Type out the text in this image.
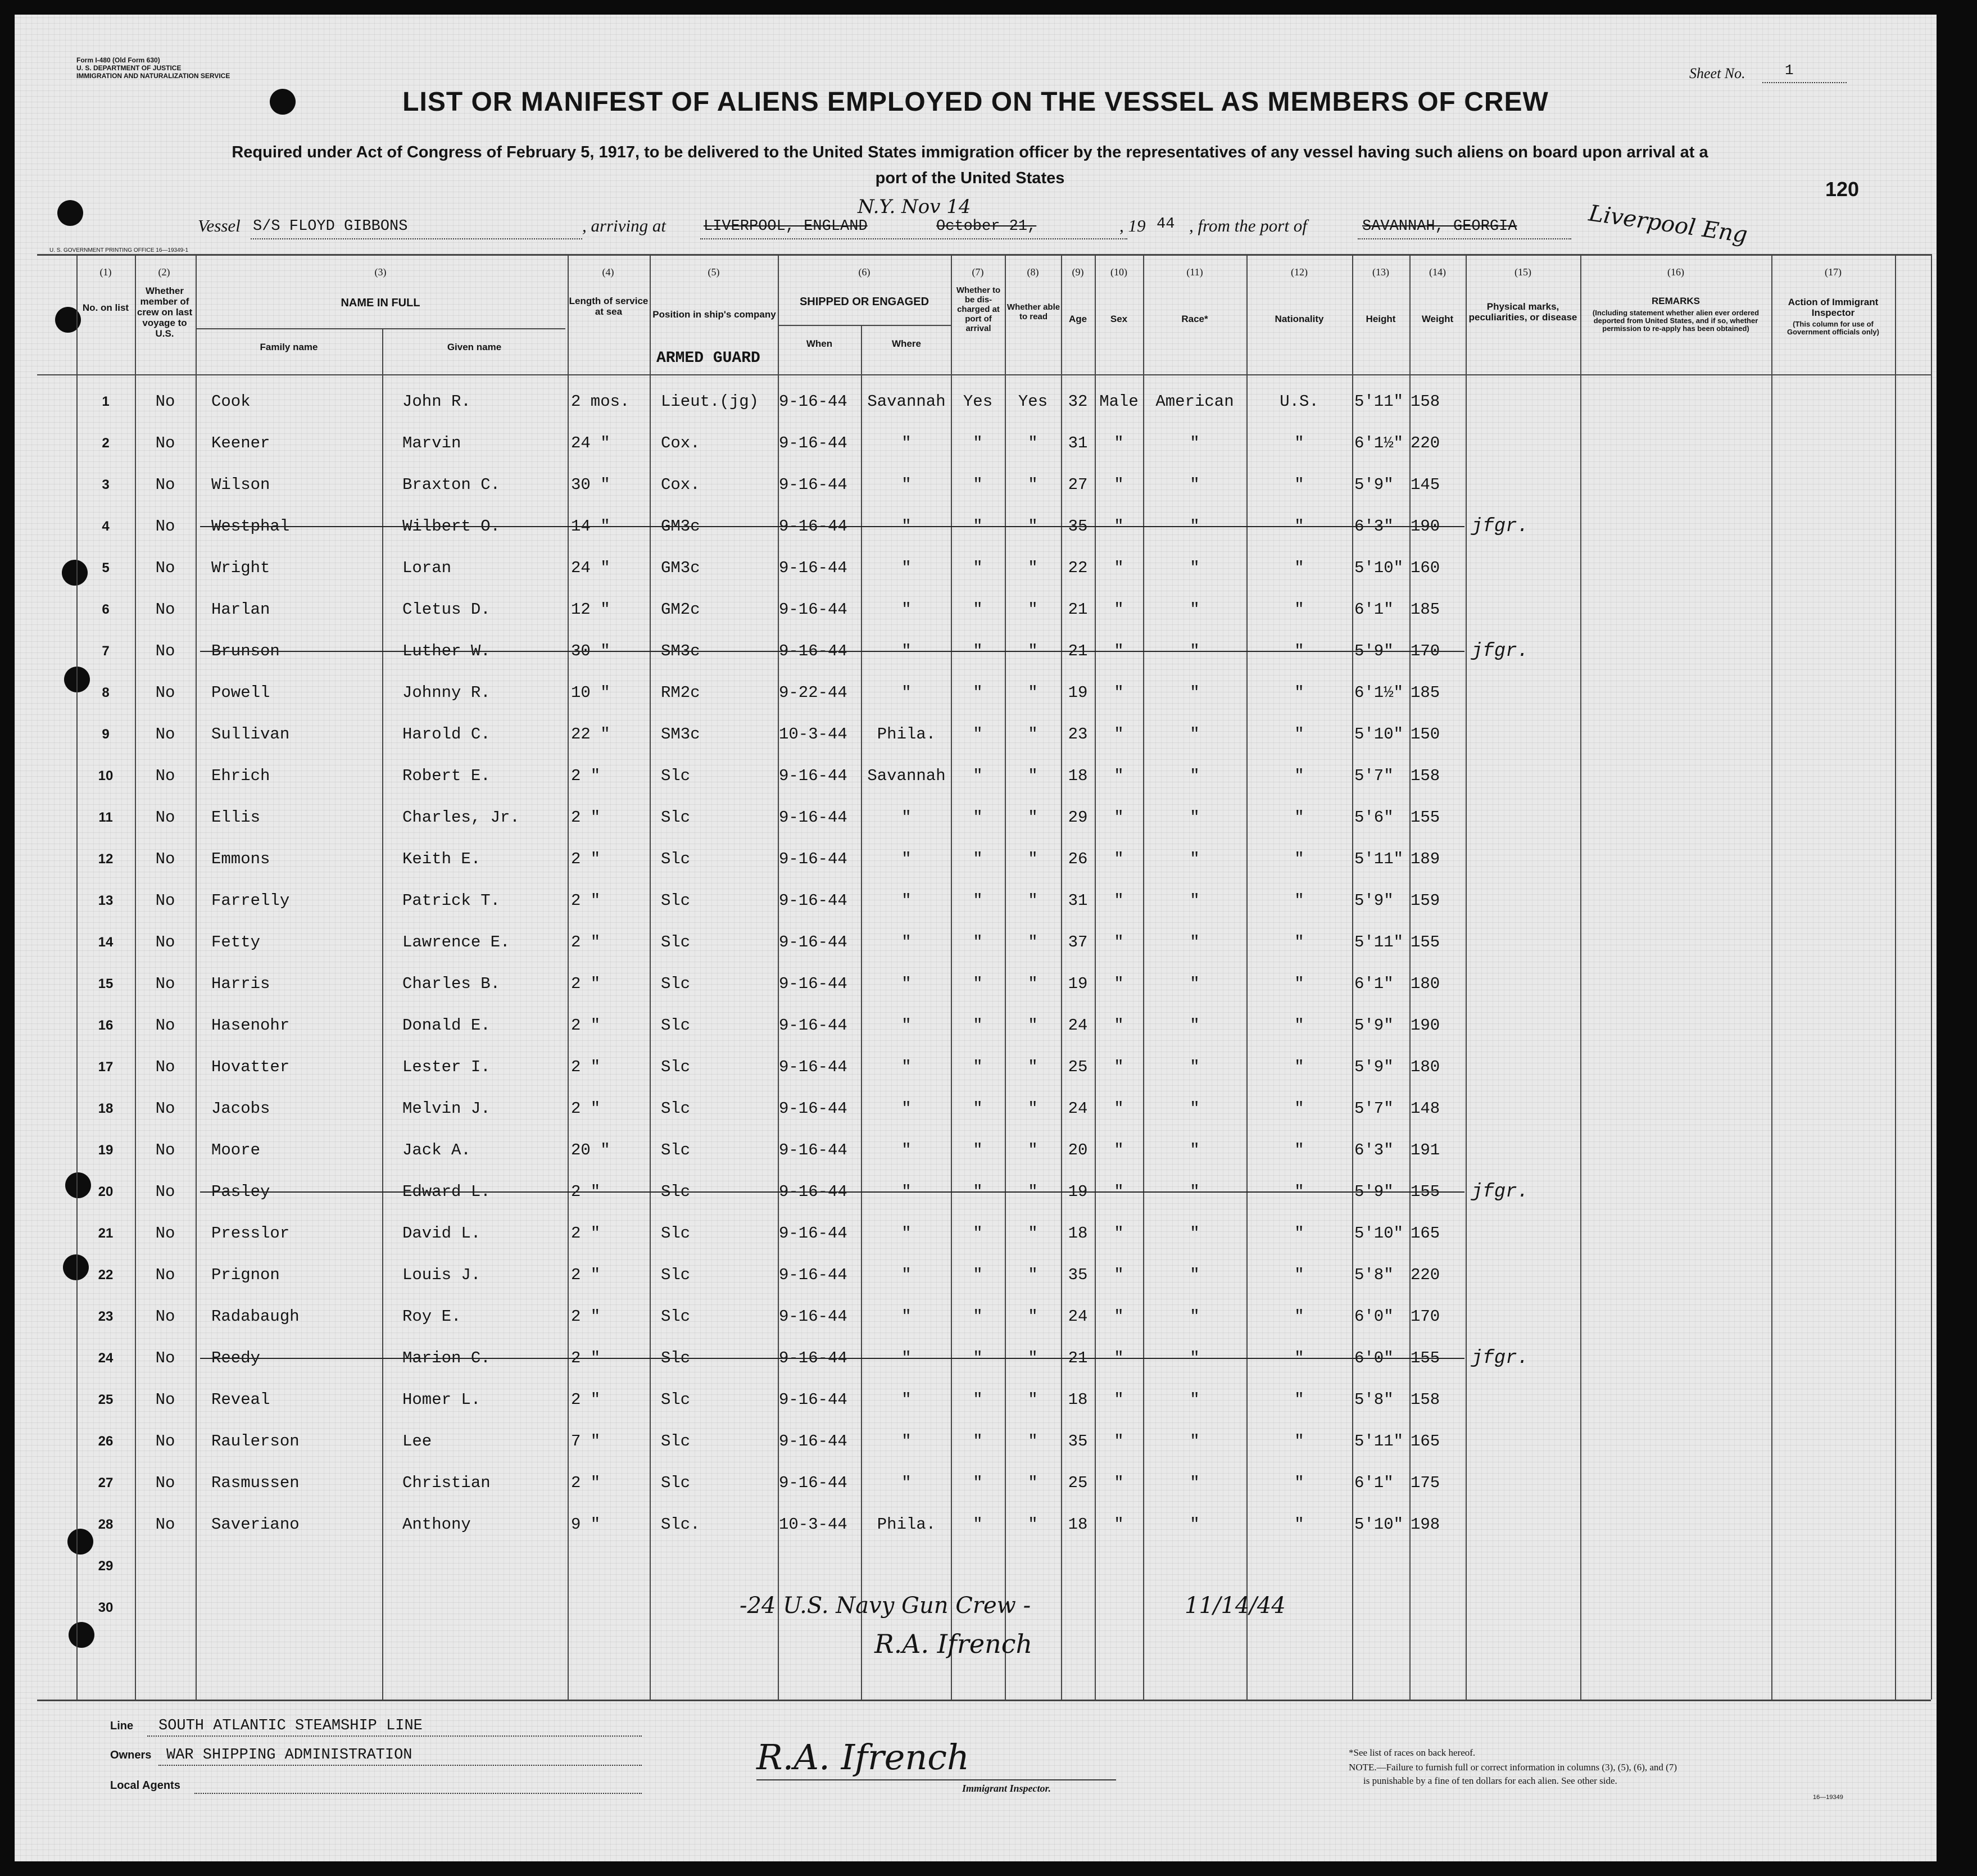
Form I-480 (Old Form 630)
U. S. DEPARTMENT OF JUSTICE
IMMIGRATION AND NATURALIZATION SERVICE	Sheet No.	1
LIST OR MANIFEST OF ALIENS EMPLOYED ON THE VESSEL AS MEMBERS OF CREW
Required under Act of Congress of February 5, 1917, to be delivered to the United States immigration officer by the representatives of any vessel having such aliens on board upon arrival at a
port of the United States	120
Vessel S/S FLOYD GIBBONS	, arriving at LIVERPOOL, ENGLAND	October 21,
N.Y. Nov 14
, 19 44 , from the port of	SAVANNAH, GEORGIA	Liverpool Eng
U. S. GOVERNMENT PRINTING OFFICE 16—19349-1
(1)	(2)	(3)	(4)	(5)	(6)	(7)	(8)	(9)	(10)	(11)	(12)	(13)	(14)	(15)	(16)	(17)
No. on list
Whether member of crew on last voyage to U.S.
NAME IN FULL
Family name	Given name
Length of service at sea	Position in ship's company
ARMED GUARD
SHIPPED OR ENGAGED
When	Where
Whether to be dis-charged at port of arrival
Whether able to read	Age	Sex	Race*	Nationality	Height	Weight
Physical marks, peculiarities, or disease
REMARKS
(Including statement whether alien ever ordered deported from United States, and if so, whether permission to re-apply has been obtained)
Action of Immigrant Inspector
(This column for use of Government officials only)
1	No	Cook	John R.	2 mos.	Lieut.(jg)	9-16-44	Savannah	Yes	Yes	32 Male	American	U.S.	5'11" 158
2	No	Keener	Marvin	24 "	Cox.	9-16-44	"	"	"	31	"	"	"	6'1½" 220
3	No	Wilson	Braxton C.	30 "	Cox.	9-16-44	"	"	"	27	"	"	"	5'9"	145
4	No	Westphal	Wilbert O.	14 "	GM3c	9-16-44	"	"	"	35	"	"	"	6'3"	190	jfgr.
5	No	Wright	Loran	24 "	GM3c	9-16-44	"	"	"	22	"	"	"	5'10" 160
6	No	Harlan	Cletus D.	12 "	GM2c	9-16-44	"	"	"	21	"	"	"	6'1"	185
7	No	Brunson	Luther W.	30 "	SM3c	9-16-44	"	"	"	21	"	"	"	5'9"	170	jfgr.
8	No	Powell	Johnny R.	10 "	RM2c	9-22-44	"	"	"	19	"	"	"	6'1½" 185
9	No	Sullivan	Harold C.	22 "	SM3c	10-3-44	Phila.	"	"	23	"	"	"	5'10" 150
10	No	Ehrich	Robert E.	2 "	Slc	9-16-44	Savannah	"	"	18	"	"	"	5'7"	158
11	No	Ellis	Charles, Jr.	2 "	Slc	9-16-44	"	"	"	29	"	"	"	5'6"	155
12	No	Emmons	Keith E.	2 "	Slc	9-16-44	"	"	"	26	"	"	"	5'11" 189
13	No	Farrelly	Patrick T.	2 "	Slc	9-16-44	"	"	"	31	"	"	"	5'9"	159
14	No	Fetty	Lawrence E.	2 "	Slc	9-16-44	"	"	"	37	"	"	"	5'11" 155
15	No	Harris	Charles B.	2 "	Slc	9-16-44	"	"	"	19	"	"	"	6'1"	180
16	No	Hasenohr	Donald E.	2 "	Slc	9-16-44	"	"	"	24	"	"	"	5'9"	190
17	No	Hovatter	Lester I.	2 "	Slc	9-16-44	"	"	"	25	"	"	"	5'9"	180
18	No	Jacobs	Melvin J.	2 "	Slc	9-16-44	"	"	"	24	"	"	"	5'7"	148
19	No	Moore	Jack A.	20 "	Slc	9-16-44	"	"	"	20	"	"	"	6'3"	191
20	No	Pasley	Edward L.	2 "	Slc	9-16-44	"	"	"	19	"	"	"	5'9"	155	jfgr.
21	No	Presslor	David L.	2 "	Slc	9-16-44	"	"	"	18	"	"	"	5'10" 165
22	No	Prignon	Louis J.	2 "	Slc	9-16-44	"	"	"	35	"	"	"	5'8"	220
23	No	Radabaugh	Roy E.	2 "	Slc	9-16-44	"	"	"	24	"	"	"	6'0"	170
24	No	Reedy	Marion C.	2 "	Slc	9-16-44	"	"	"	21	"	"	"	6'0"	155	jfgr.
25	No	Reveal	Homer L.	2 "	Slc	9-16-44	"	"	"	18	"	"	"	5'8"	158
26	No	Raulerson	Lee	7 "	Slc	9-16-44	"	"	"	35	"	"	"	5'11" 165
27	No	Rasmussen	Christian	2 "	Slc	9-16-44	"	"	"	25	"	"	"	6'1"	175
28	No	Saveriano	Anthony	9 "	Slc.	10-3-44	Phila.	"	"	18	"	"	"	5'10" 198
29
30	-24 U.S. Navy Gun Crew -	11/14/44
R.A. Ifrench
Line SOUTH ATLANTIC STEAMSHIP LINE
Owners WAR SHIPPING ADMINISTRATION
Local Agents
R.A. Ifrench
Immigrant Inspector.
*See list of races on back hereof.
NOTE.—Failure to furnish full or correct information in columns (3), (5), (6), and (7)
is punishable by a fine of ten dollars for each alien. See other side.
16—19349
